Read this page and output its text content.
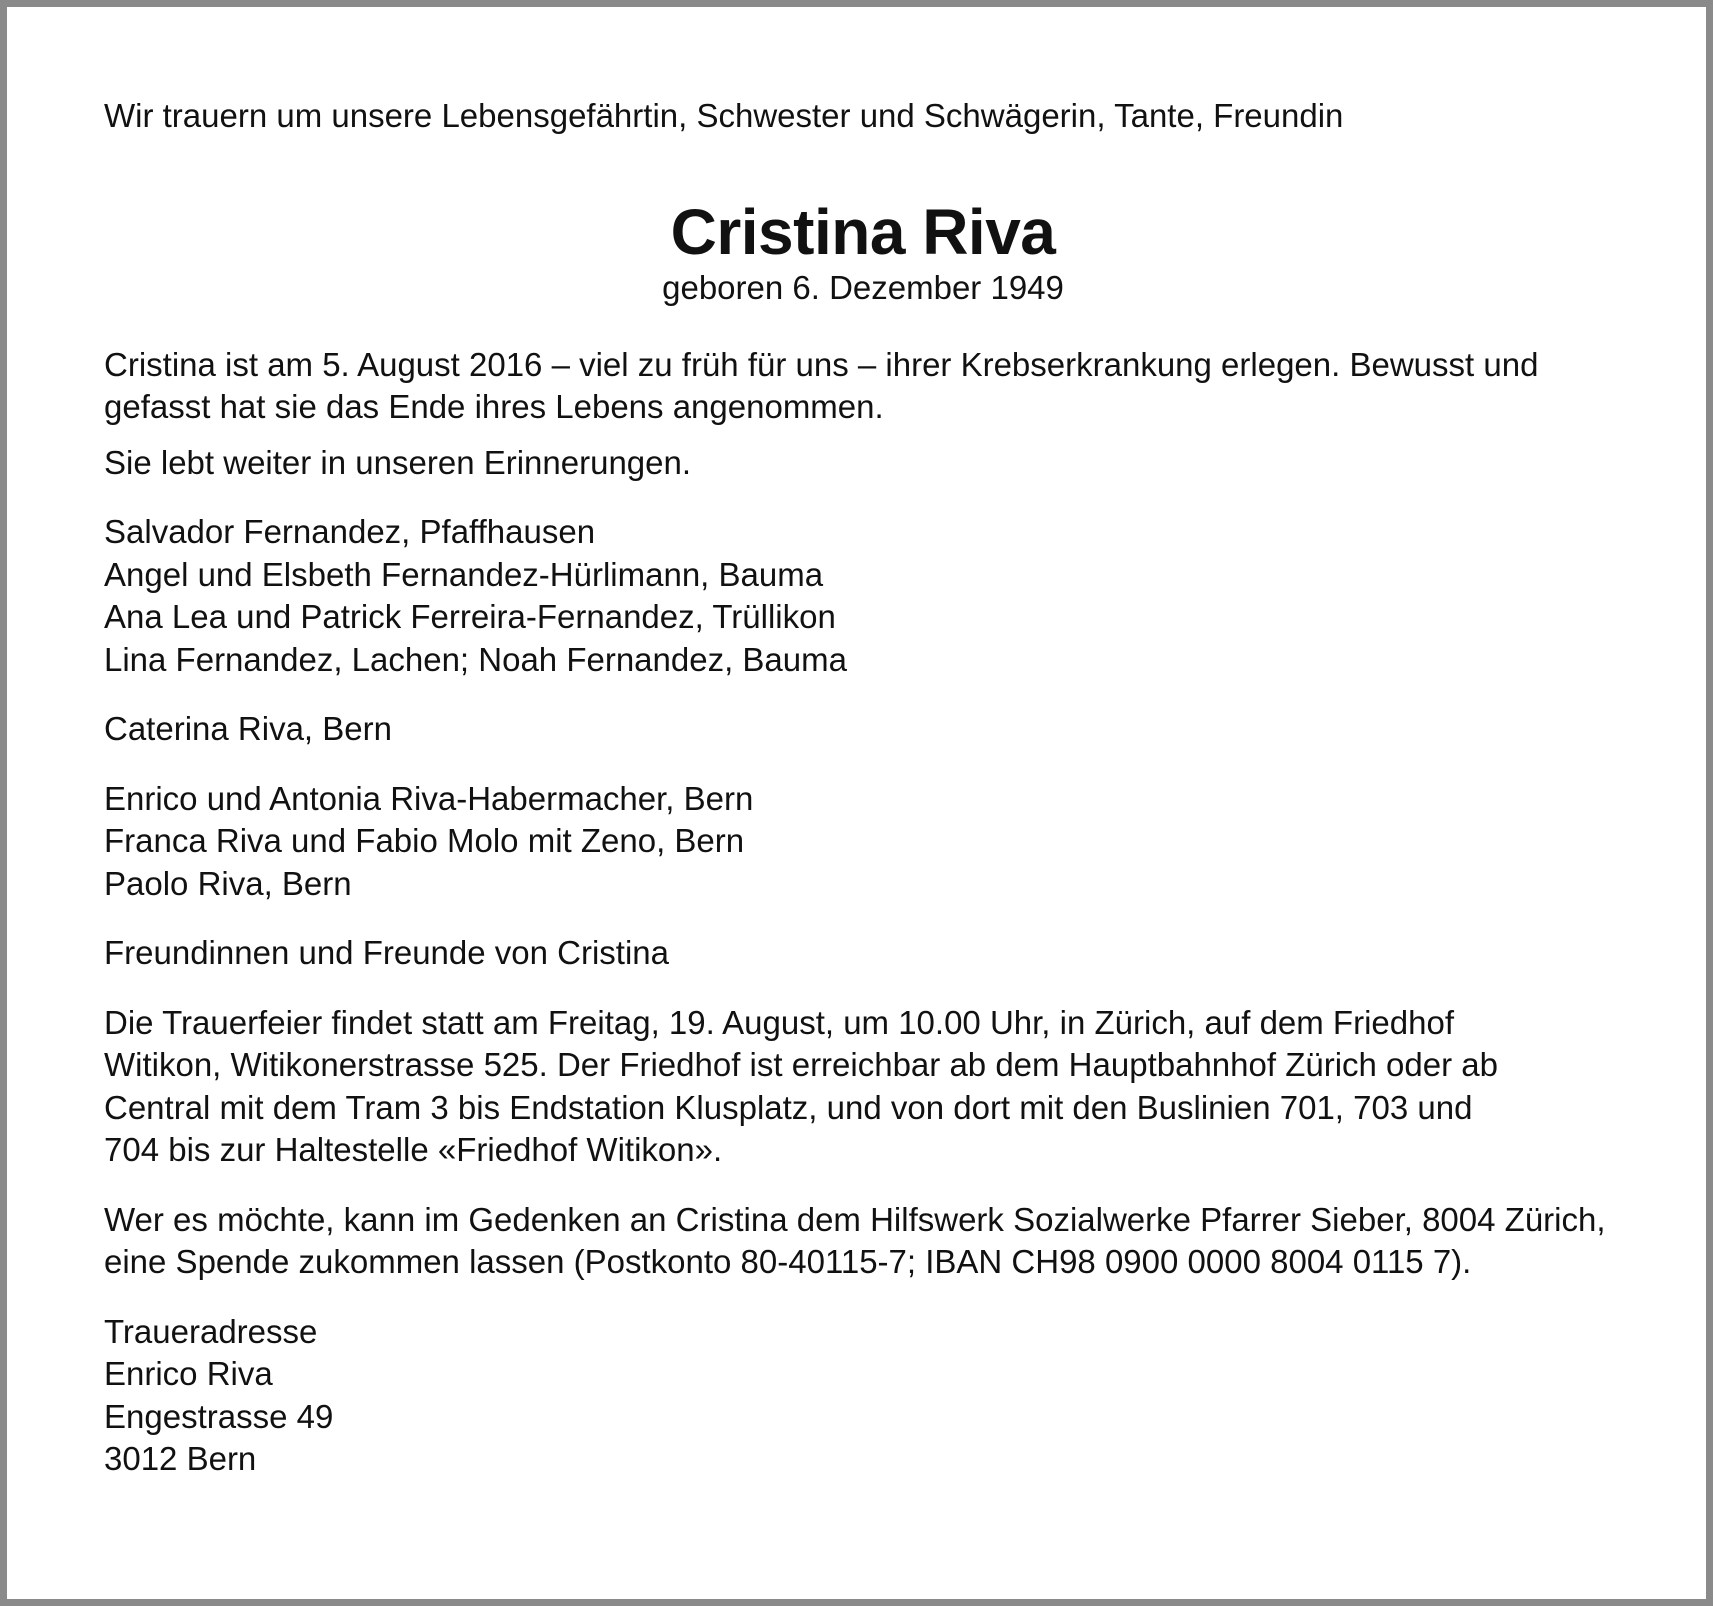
Wir trauern um unsere Lebensgefährtin, Schwester und Schwägerin, Tante, Freundin

Cristina Riva

geboren 6. Dezember 1949

Cristina ist am 5. August 2016 – viel zu früh für uns – ihrer Krebserkrankung erlegen. Bewusst und
gefasst hat sie das Ende ihres Lebens angenommen.

Sie lebt weiter in unseren Erinnerungen.

Salvador Fernandez, Pfaffhausen
Angel und Elsbeth Fernandez-Hürlimann, Bauma
Ana Lea und Patrick Ferreira-Fernandez, Trüllikon
Lina Fernandez, Lachen; Noah Fernandez, Bauma
Caterina Riva, Bern
Enrico und Antonia Riva-Habermacher, Bern
Franca Riva und Fabio Molo mit Zeno, Bern
Paolo Riva, Bern
Freundinnen und Freunde von Cristina
Die Trauerfeier findet statt am Freitag, 19. August, um 10.00 Uhr, in Zürich, auf dem Friedhof
Witikon, Witikonerstrasse 525. Der Friedhof ist erreichbar ab dem Hauptbahnhof Zürich oder ab
Central mit dem Tram 3 bis Endstation Klusplatz, und von dort mit den Buslinien 701, 703 und
704 bis zur Haltestelle «Friedhof Witikon».
Wer es möchte, kann im Gedenken an Cristina dem Hilfswerk Sozialwerke Pfarrer Sieber, 8004 Zürich,
eine Spende zukommen lassen (Postkonto 80-40115-7; IBAN CH98 0900 0000 8004 0115 7).
Traueradresse
Enrico Riva
Engestrasse 49
3012 Bern
